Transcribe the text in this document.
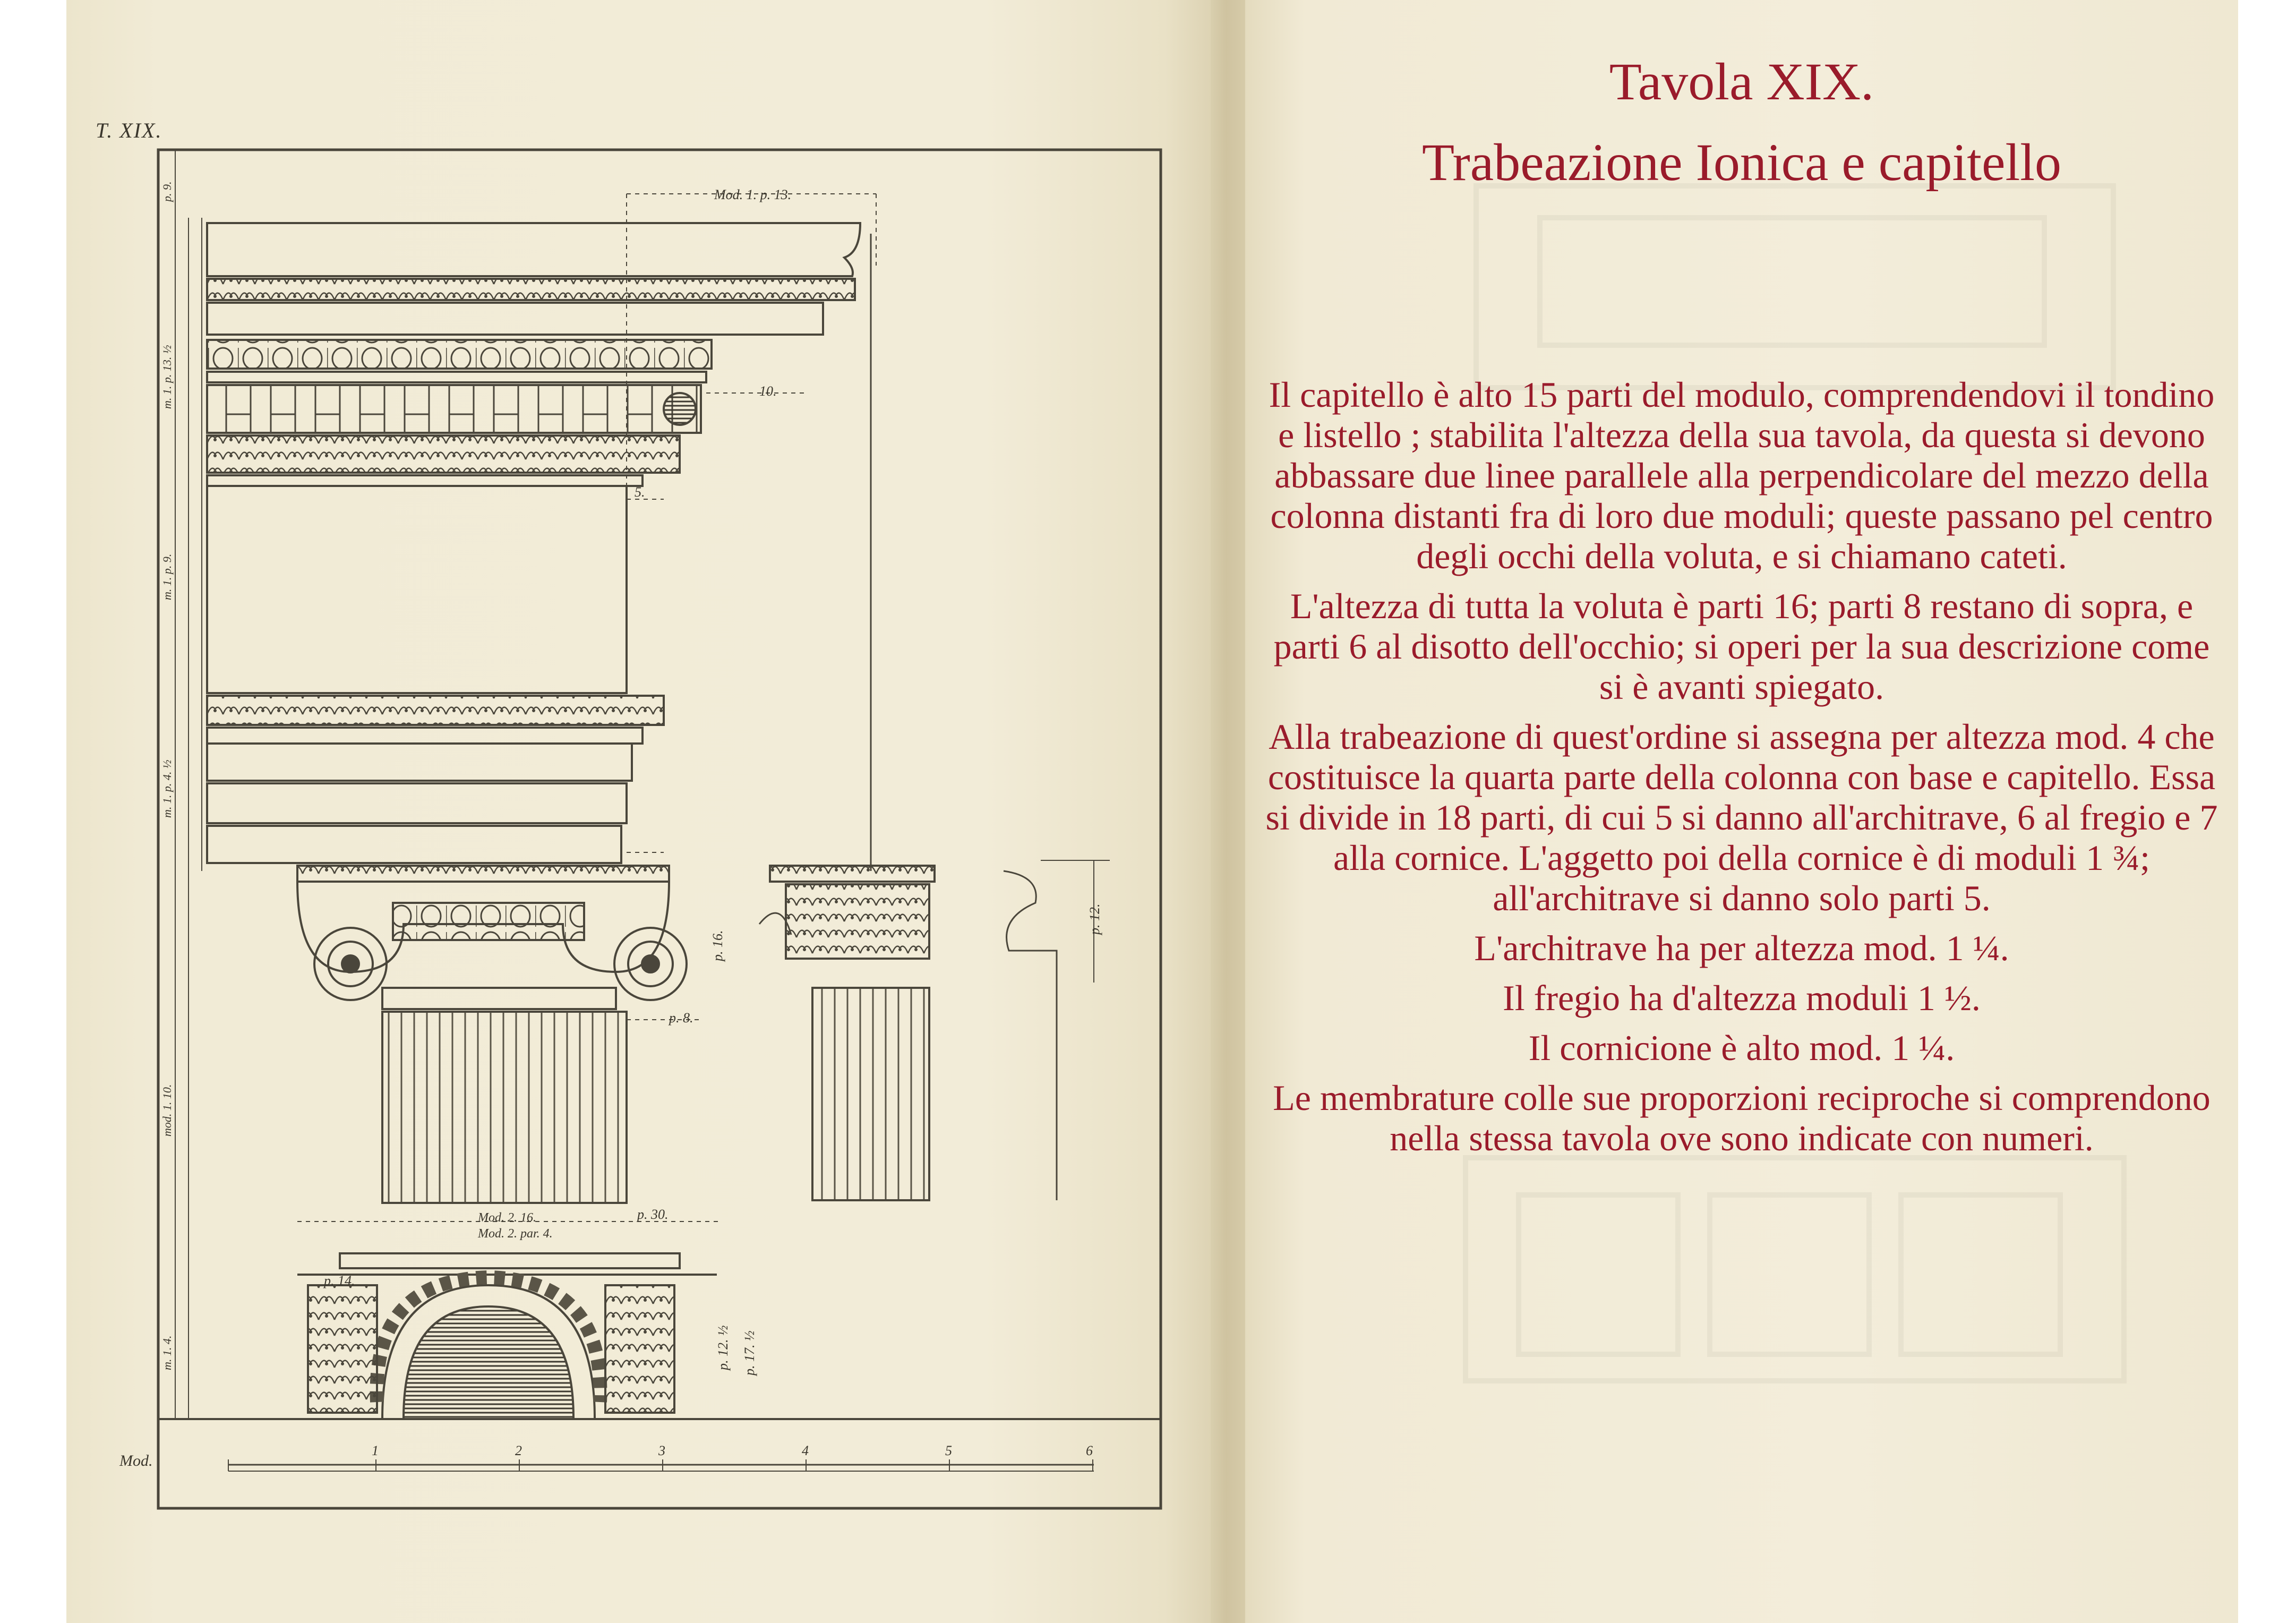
Mod. 1. p. 13.
p. 30.
Mod. 2. 16.
Mod. 2. par. 4.
p. 8.
10.
5.
p. 14.
p. 16.
p. 12. ½ p. 17. ½
p. 12.
p. 9.
m. 1. p. 13. ½
m. 1. p. 9.
m. 1. p. 4. ½
mod. 1. 10.
m. 1. 4.
1	2	3	4	5	6
T. XIX.
Mod.
Tavola XIX.
Trabeazione Ionica e capitello

Il capitello è alto 15 parti del modulo, comprendendovi il tondino e listello ; stabilita l'altezza della sua tavola, da questa si devono abbassare due linee parallele alla perpendicolare del mezzo della colonna distanti fra di loro due moduli; queste passano pel centro degli occhi della voluta, e si chiamano cateti.

L'altezza di tutta la voluta è parti 16; parti 8 restano di sopra, e parti 6 al disotto dell'occhio; si operi per la sua descrizione come si è avanti spiegato.

Alla trabeazione di quest'ordine si assegna per altezza mod. 4 che costituisce la quarta parte della colonna con base e capitello. Essa si divide in 18 parti, di cui 5 si danno all'architrave, 6 al fregio e 7 alla cornice. L'aggetto poi della cornice è di moduli 1 ¾; all'architrave si danno solo parti 5.

L'architrave ha per altezza mod. 1 ¼.

Il fregio ha d'altezza moduli 1 ½.

Il cornicione è alto mod. 1 ¼.

Le membrature colle sue proporzioni reciproche si comprendono nella stessa tavola ove sono indicate con numeri.
